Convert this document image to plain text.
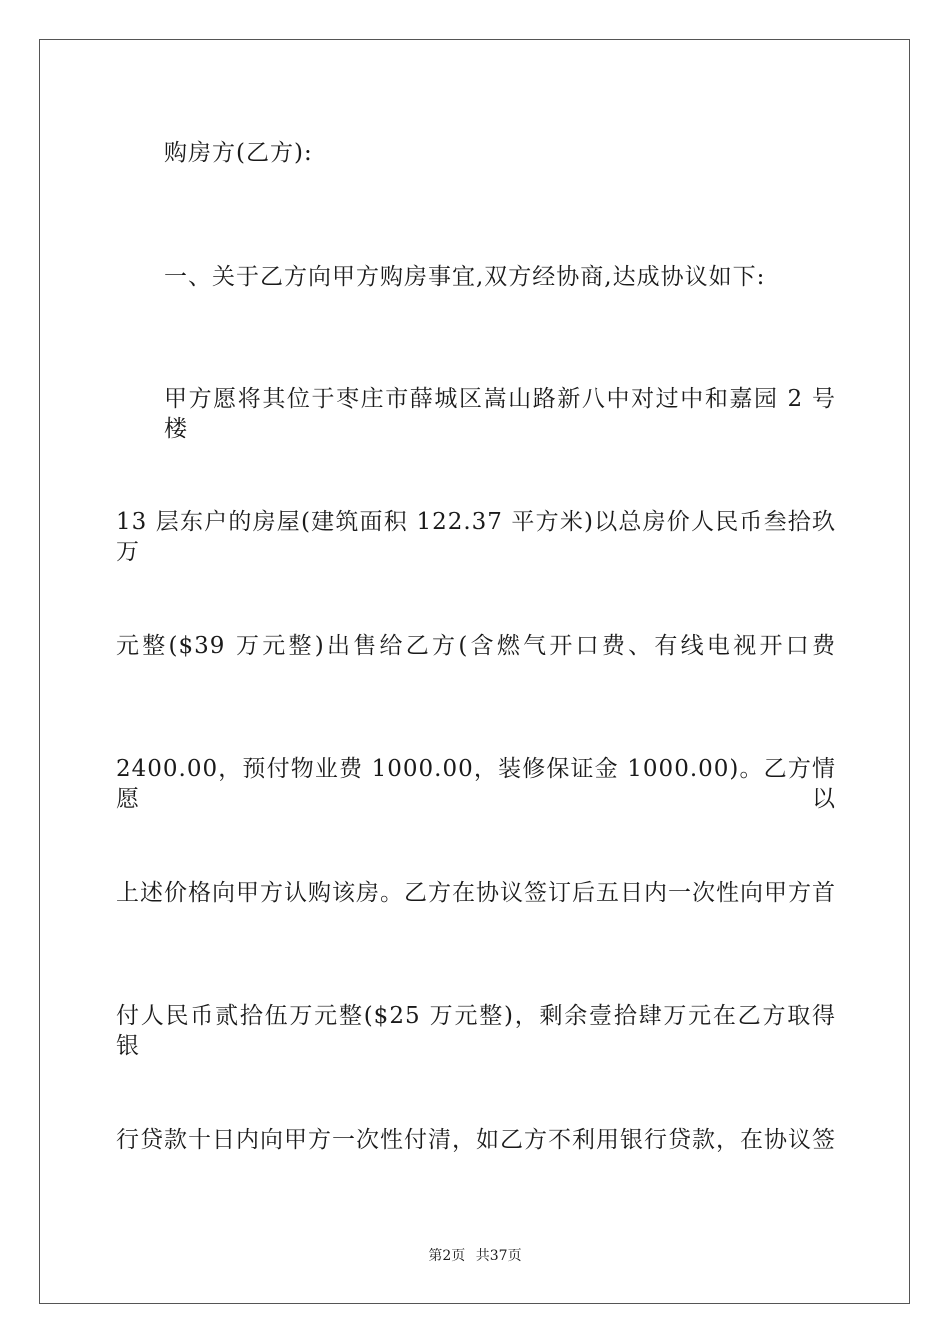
购房方(乙方):
一、关于乙方向甲方购房事宜,双方经协商,达成协议如下:
甲方愿将其位于枣庄市薛城区嵩山路新八中对过中和嘉园 2 号楼
13 层东户的房屋(建筑面积 122.37 平方米)以总房价人民币叁拾玖万
元整($39 万元整)出售给乙方(含燃气开口费、有线电视开口费
2400.00，预付物业费 1000.00，装修保证金 1000.00)。乙方情愿以
上述价格向甲方认购该房。乙方在协议签订后五日内一次性向甲方首
付人民币贰拾伍万元整($25 万元整)，剩余壹拾肆万元在乙方取得银
行贷款十日内向甲方一次性付清，如乙方不利用银行贷款，在协议签
第2页 共37页
